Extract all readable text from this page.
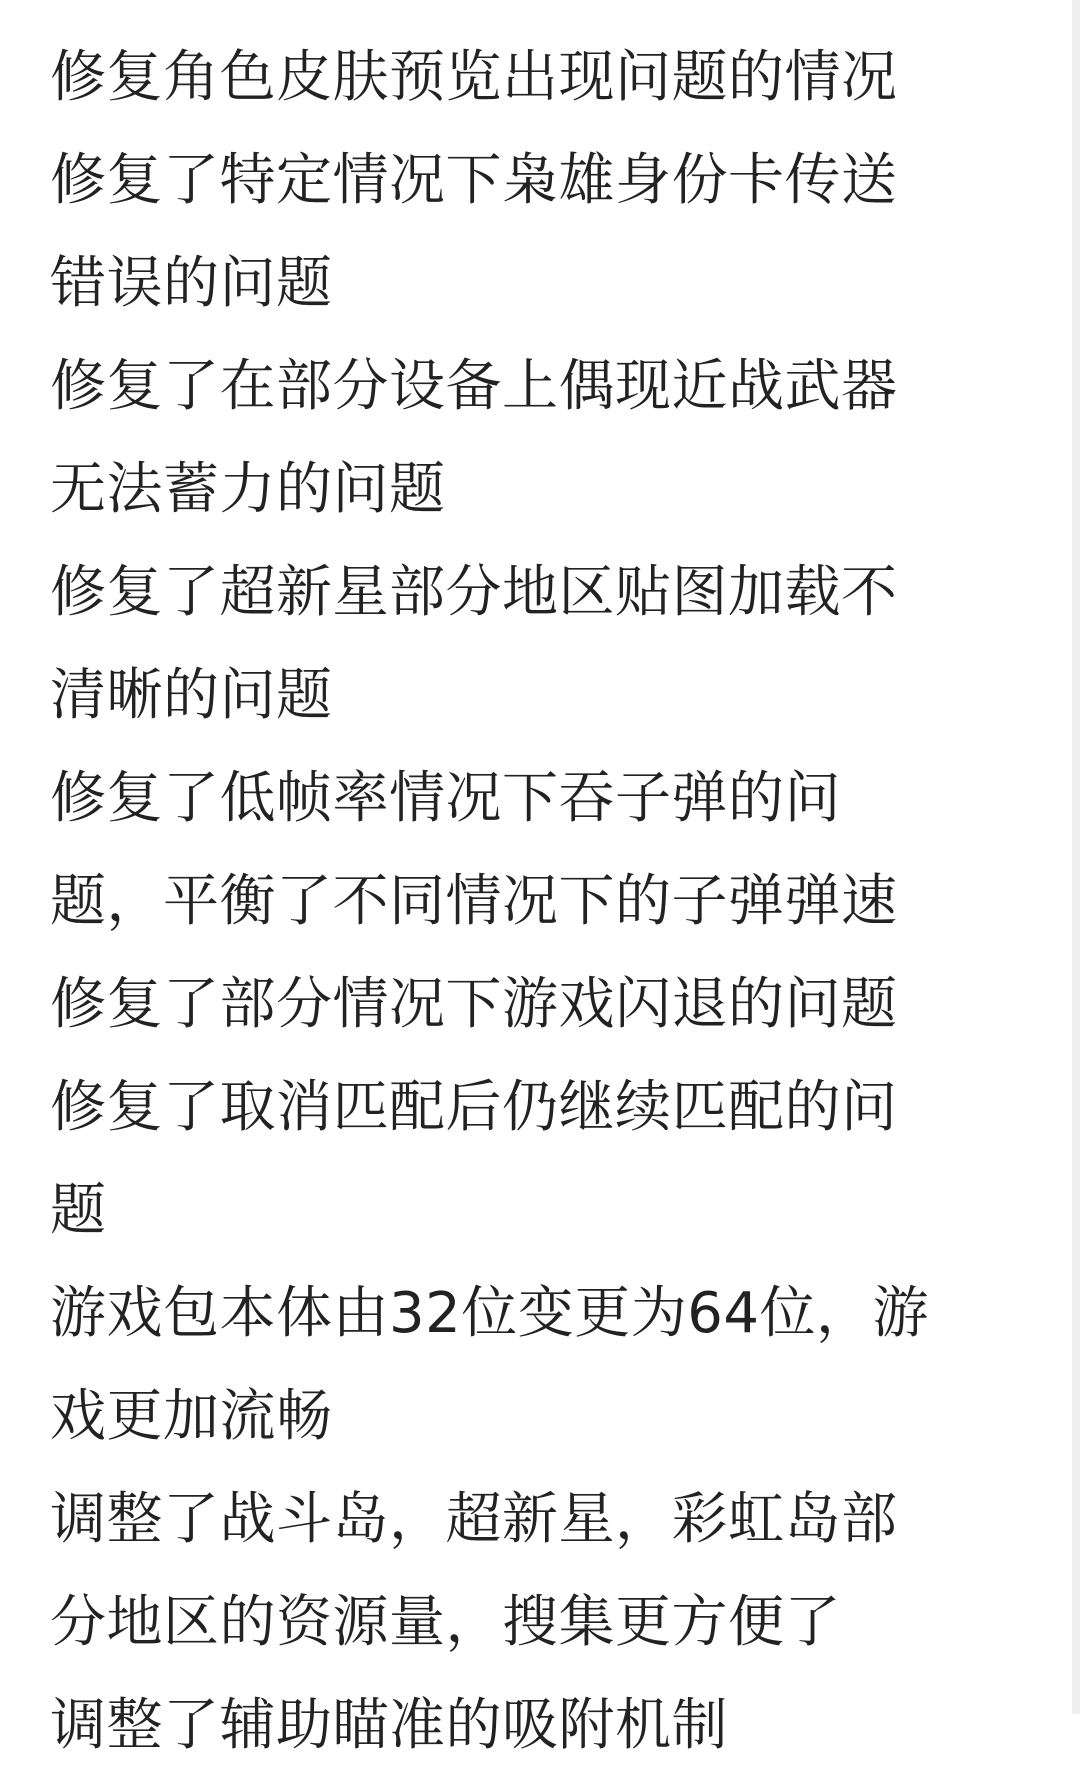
修复角色皮肤预览出现问题的情况
修复了特定情况下枭雄身份卡传送
错误的问题
修复了在部分设备上偶现近战武器
无法蓄力的问题
修复了超新星部分地区贴图加载不
清晰的问题
修复了低帧率情况下吞子弹的问
题，平衡了不同情况下的子弹弹速
修复了部分情况下游戏闪退的问题
修复了取消匹配后仍继续匹配的问
题
游戏包本体由32位变更为64位，游
戏更加流畅
调整了战斗岛，超新星，彩虹岛部
分地区的资源量，搜集更方便了
调整了辅助瞄准的吸附机制
